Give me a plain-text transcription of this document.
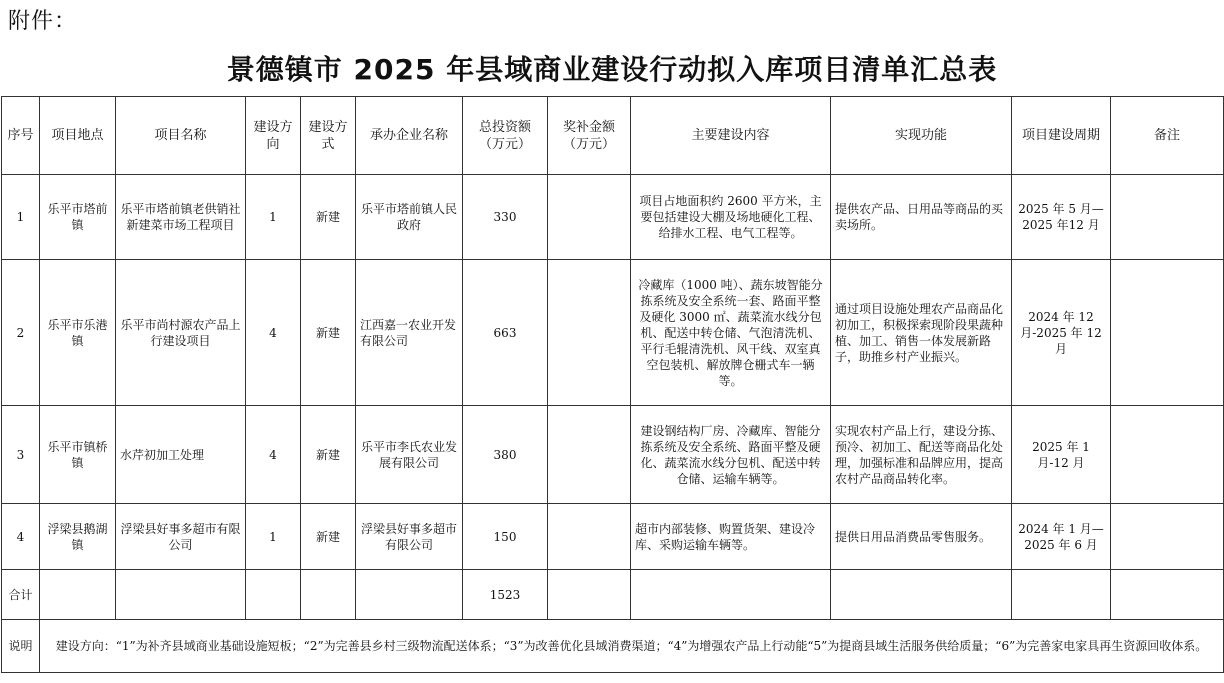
附件：
景德镇市 2025 年县域商业建设行动拟入库项目清单汇总表
序号	项目地点	项目名称	建设方向	建设方式	承办企业名称	总投资额（万元）	奖补金额（万元）	主要建设内容	实现功能	项目建设周期	备注
1	乐平市塔前镇	乐平市塔前镇老供销社新建菜市场工程项目	1	新建	乐平市塔前镇人民政府	330		项目占地面积约 2600 平方米，主要包括建设大棚及场地硬化工程、给排水工程、电气工程等。	提供农产品、日用品等商品的买卖场所。	2025 年 5 月— 2025 年12 月	
2	乐平市乐港镇	乐平市尚村源农产品上行建设项目	4	新建	江西嘉一农业开发有限公司	663		冷藏库（1000 吨）、蔬东坡智能分拣系统及安全系统一套、路面平整及硬化 3000 ㎡、蔬菜流水线分包机、配送中转仓储、气泡清洗机、平行毛辊清洗机、风干线、双室真空包装机、解放牌仓栅式车一辆等。	通过项目设施处理农产品商品化初加工，积极探索现阶段果蔬种植、加工、销售一体发展新路子，助推乡村产业振兴。	2024 年 12 月-2025 年 12 月	
3	乐平市镇桥镇	水芹初加工处理	4	新建	乐平市李氏农业发展有限公司	380		建设钢结构厂房、冷藏库、智能分拣系统及安全系统、路面平整及硬化、蔬菜流水线分包机、配送中转仓储、运输车辆等。	实现农村产品上行，建设分拣、预冷、初加工、配送等商品化处理，加强标准和品牌应用，提高农村产品商品转化率。	2025 年 1 月-12 月	
4	浮梁县鹅湖镇	浮梁县好事多超市有限公司	1	新建	浮梁县好事多超市有限公司	150		超市内部装修、购置货架、建设冷库、采购运输车辆等。	提供日用品消费品零售服务。	2024 年 1 月—2025 年 6 月	
合计						1523					
说明	建设方向：“1”为补齐县域商业基础设施短板；“2”为完善县乡村三级物流配送体系；“3”为改善优化县域消费渠道；“4”为增强农产品上行动能“5”为提商县域生活服务供给质量；“6”为完善家电家具再生资源回收体系。										
